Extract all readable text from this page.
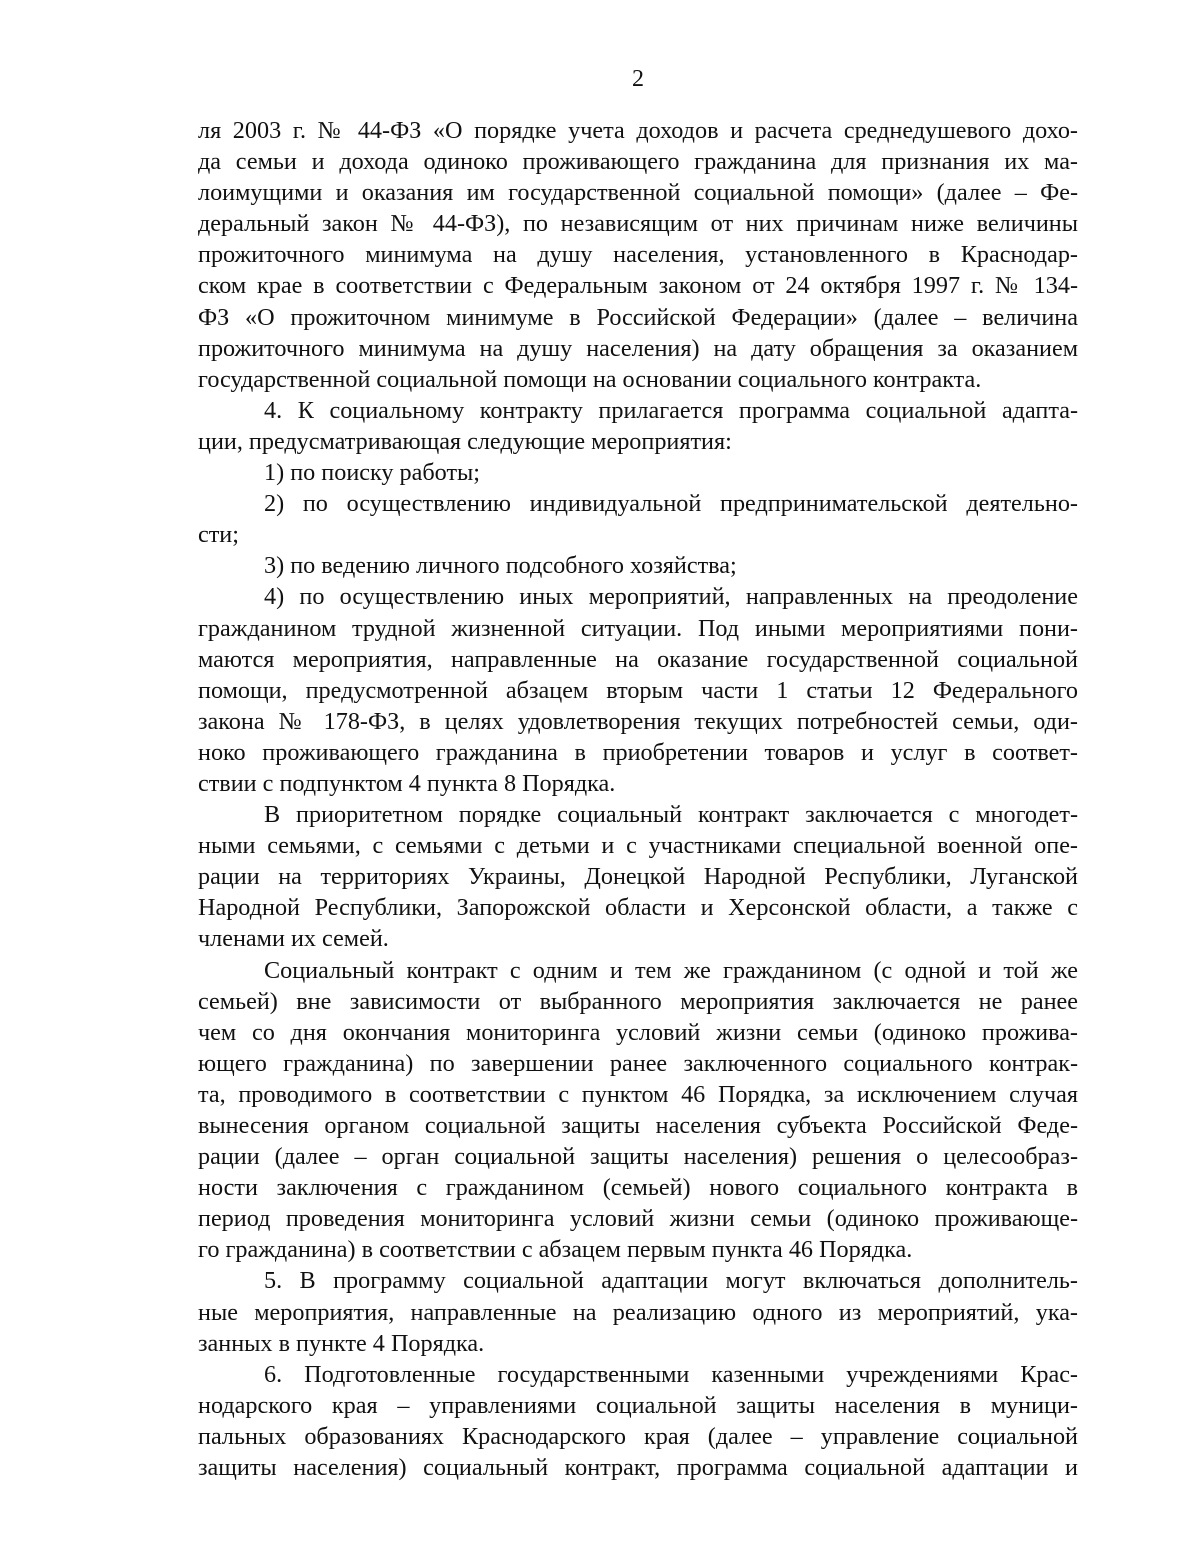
2
ля 2003 г. № 44-ФЗ «О порядке учета доходов и расчета среднедушевого дохо-
да семьи и дохода одиноко проживающего гражданина для признания их ма-
лоимущими и оказания им государственной социальной помощи» (далее – Фе-
деральный закон № 44-ФЗ), по независящим от них причинам ниже величины
прожиточного минимума на душу населения, установленного в Краснодар-
ском крае в соответствии с Федеральным законом от 24 октября 1997 г. № 134-
ФЗ «О прожиточном минимуме в Российской Федерации» (далее – величина
прожиточного минимума на душу населения) на дату обращения за оказанием
государственной социальной помощи на основании социального контракта.
4. К социальному контракту прилагается программа социальной адапта-
ции, предусматривающая следующие мероприятия:
1) по поиску работы;
2) по осуществлению индивидуальной предпринимательской деятельно-
сти;
3) по ведению личного подсобного хозяйства;
4) по осуществлению иных мероприятий, направленных на преодоление
гражданином трудной жизненной ситуации. Под иными мероприятиями пони-
маются мероприятия, направленные на оказание государственной социальной
помощи, предусмотренной абзацем вторым части 1 статьи 12 Федерального
закона № 178-ФЗ, в целях удовлетворения текущих потребностей семьи, оди-
ноко проживающего гражданина в приобретении товаров и услуг в соответ-
ствии с подпунктом 4 пункта 8 Порядка.
В приоритетном порядке социальный контракт заключается с многодет-
ными семьями, с семьями с детьми и с участниками специальной военной опе-
рации на территориях Украины, Донецкой Народной Республики, Луганской
Народной Республики, Запорожской области и Херсонской области, а также с
членами их семей.
Социальный контракт с одним и тем же гражданином (с одной и той же
семьей) вне зависимости от выбранного мероприятия заключается не ранее
чем со дня окончания мониторинга условий жизни семьи (одиноко прожива-
ющего гражданина) по завершении ранее заключенного социального контрак-
та, проводимого в соответствии с пунктом 46 Порядка, за исключением случая
вынесения органом социальной защиты населения субъекта Российской Феде-
рации (далее – орган социальной защиты населения) решения о целесообраз-
ности заключения с гражданином (семьей) нового социального контракта в
период проведения мониторинга условий жизни семьи (одиноко проживающе-
го гражданина) в соответствии с абзацем первым пункта 46 Порядка.
5. В программу социальной адаптации могут включаться дополнитель-
ные мероприятия, направленные на реализацию одного из мероприятий, ука-
занных в пункте 4 Порядка.
6. Подготовленные государственными казенными учреждениями Крас-
нодарского края – управлениями социальной защиты населения в муници-
пальных образованиях Краснодарского края (далее – управление социальной
защиты населения) социальный контракт, программа социальной адаптации и
